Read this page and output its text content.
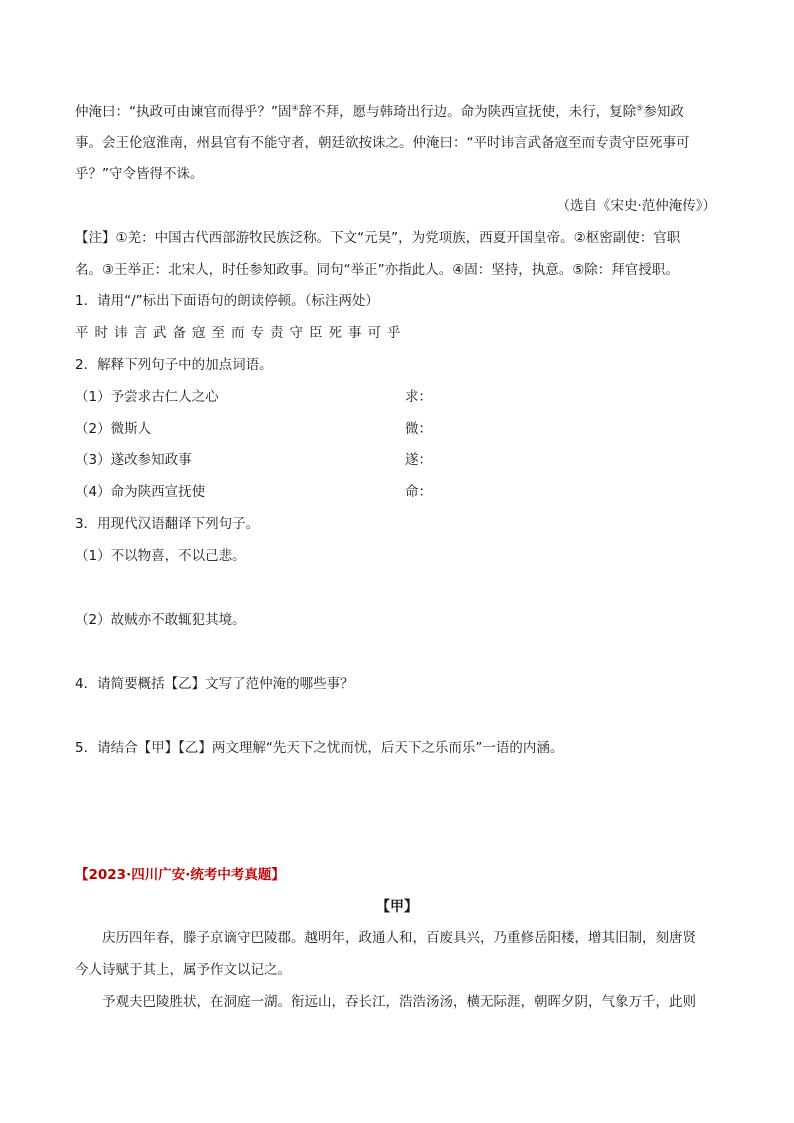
仲淹曰：“执政可由谏官而得乎？”固④辞不拜，愿与韩琦出行边。命为陕西宣抚使，未行，复除⑤参知政
事。会王伦寇淮南，州县官有不能守者，朝廷欲按诛之。仲淹曰：“平时讳言武备寇至而专责守臣死事可
乎？”守令皆得不诛。
（选自《宋史·范仲淹传》）
【注】①羌：中国古代西部游牧民族泛称。下文“元昊”，为党项族，西夏开国皇帝。②枢密副使：官职
名。③王举正：北宋人，时任参知政事。同句“举正”亦指此人。④固：坚持，执意。⑤除：拜官授职。
1．请用“/”标出下面语句的朗读停顿。（标注两处）
平时讳言武备寇至而专责守臣死事可乎
2．解释下列句子中的加点词语。
（1）予尝求古仁人之心	求：
（2）微斯人	微：
（3）遂改参知政事	遂：
（4）命为陕西宣抚使	命：
3．用现代汉语翻译下列句子。
（1）不以物喜，不以己悲。
（2）故贼亦不敢辄犯其境。
4．请简要概括【乙】文写了范仲淹的哪些事？
5．请结合【甲】【乙】两文理解“先天下之忧而忧，后天下之乐而乐”一语的内涵。
【2023·四川广安·统考中考真题】
【甲】
　　庆历四年春，滕子京谪守巴陵郡。越明年，政通人和，百废具兴，乃重修岳阳楼，增其旧制，刻唐贤
今人诗赋于其上，属予作文以记之。
　　予观夫巴陵胜状，在洞庭一湖。衔远山，吞长江，浩浩汤汤，横无际涯，朝晖夕阴，气象万千，此则
